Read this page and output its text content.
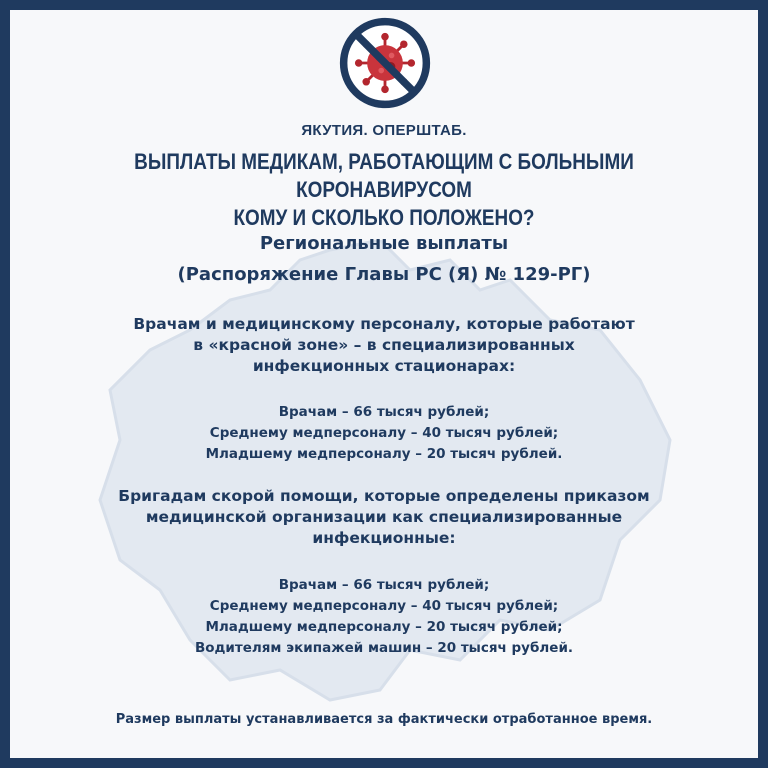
ЯКУТИЯ. ОПЕРШТАБ.
ВЫПЛАТЫ МЕДИКАМ, РАБОТАЮЩИМ С БОЛЬНЫМИ КОРОНАВИРУСОМ
КОМУ И СКОЛЬКО ПОЛОЖЕНО?
Региональные выплаты
(Распоряжение Главы РС (Я) № 129-РГ)
Врачам и медицинскому персоналу, которые работают
в «красной зоне» – в специализированных
инфекционных стационарах:
Врачам – 66 тысяч рублей;
Среднему медперсоналу – 40 тысяч рублей;
Младшему медперсоналу – 20 тысяч рублей.
Бригадам скорой помощи, которые определены приказом
медицинской организации как специализированные
инфекционные:
Врачам – 66 тысяч рублей;
Среднему медперсоналу – 40 тысяч рублей;
Младшему медперсоналу – 20 тысяч рублей;
Водителям экипажей машин – 20 тысяч рублей.
Размер выплаты устанавливается за фактически отработанное время.
